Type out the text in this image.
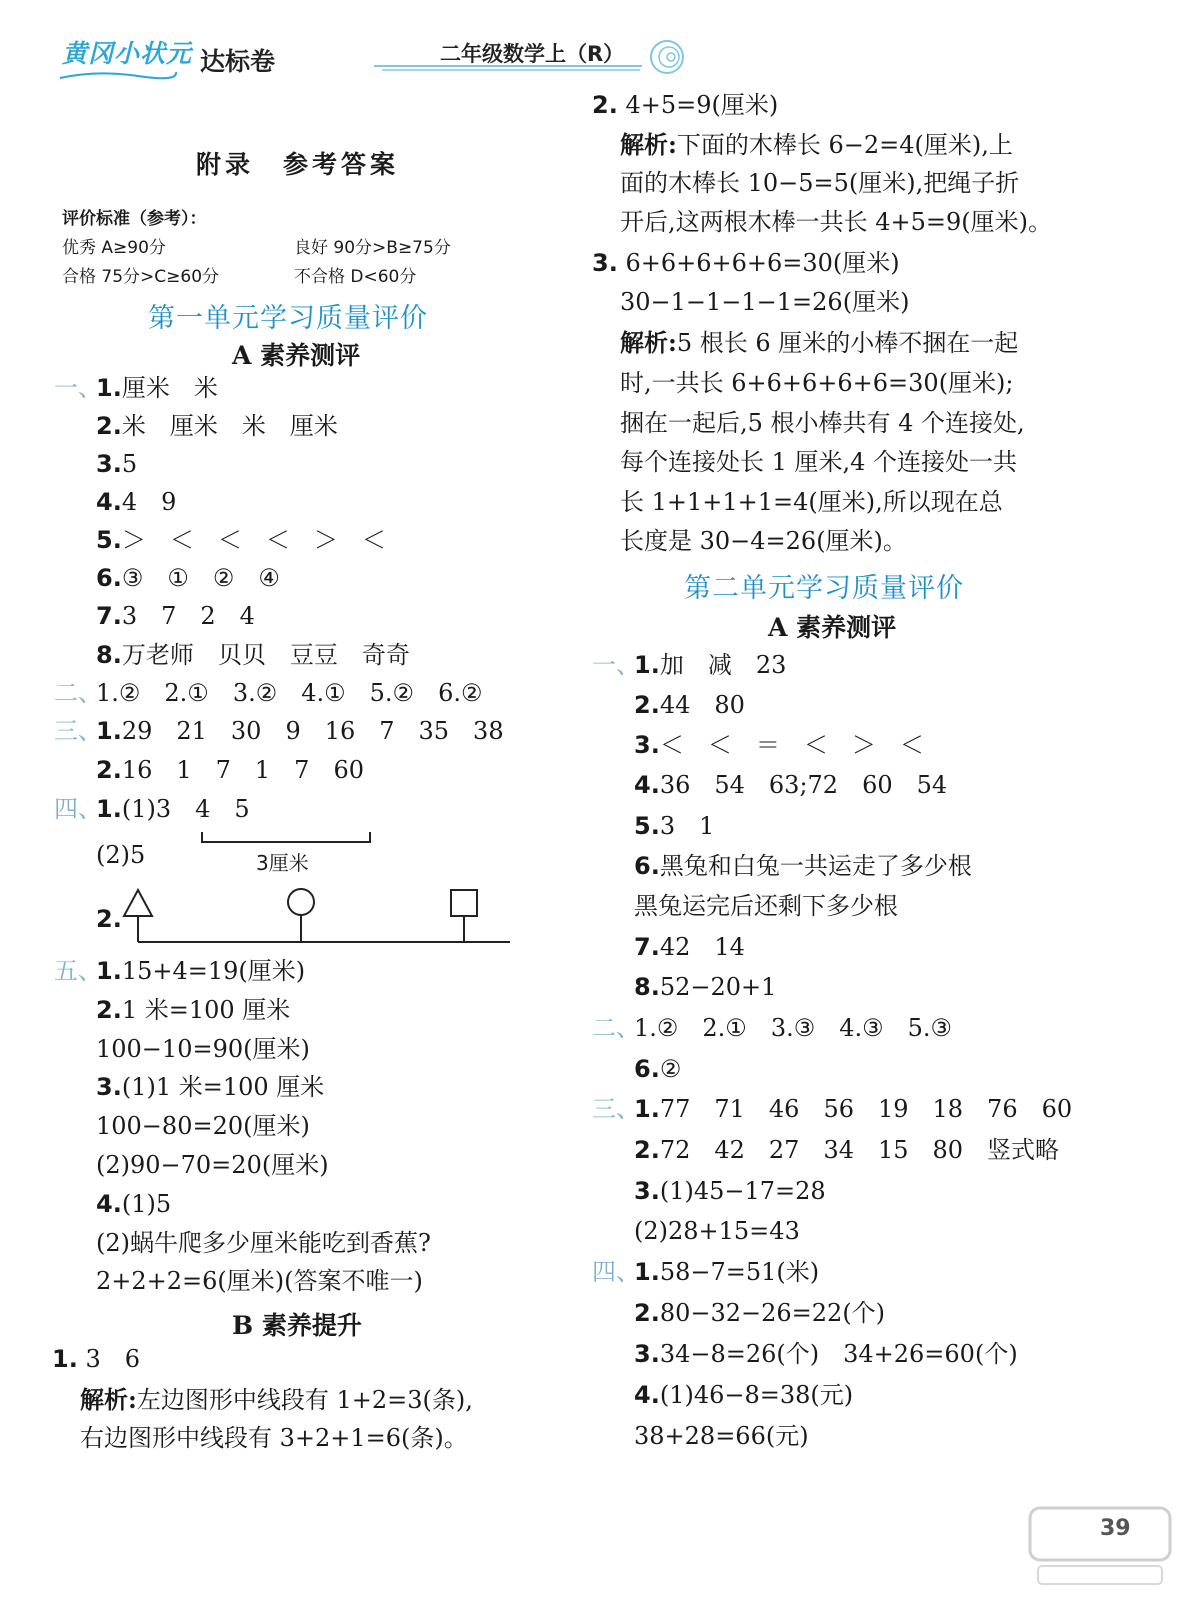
黄冈小状元 达标卷	二年级数学上（R）
附录　参考答案
评价标准（参考）：
优秀 A≥90分	良好 90分>B≥75分
合格 75分>C≥60分	不合格 D<60分
第一单元学习质量评价
A 素养测评
一、1.厘米　米
2.米　厘米　米　厘米
3.5
4.4　9
5.＞　＜　＜　＜　＞　＜
6.③　①　②　④
7.3　7　2　4
8.万老师　贝贝　豆豆　奇奇
二、1.②　2.①　3.②　4.①　5.②　6.②
三、1.29　21　30　9　16　7　35　38
2.16　1　7　1　7　60
四、1.(1)3　4　5
(2)5
2.
五、1.15+4=19(厘米)
2.1 米=100 厘米
100−10=90(厘米)
3.(1)1 米=100 厘米
100−80=20(厘米)
(2)90−70=20(厘米)
4.(1)5
(2)蜗牛爬多少厘米能吃到香蕉?
2+2+2=6(厘米)(答案不唯一)
3厘米
B 素养提升
1. 3　6
解析:左边图形中线段有 1+2=3(条),
右边图形中线段有 3+2+1=6(条)。
2. 4+5=9(厘米)
解析:下面的木棒长 6−2=4(厘米),上
面的木棒长 10−5=5(厘米),把绳子折
开后,这两根木棒一共长 4+5=9(厘米)。
3. 6+6+6+6+6=30(厘米)
30−1−1−1−1=26(厘米)
解析:5 根长 6 厘米的小棒不捆在一起
时,一共长 6+6+6+6+6=30(厘米);
捆在一起后,5 根小棒共有 4 个连接处,
每个连接处长 1 厘米,4 个连接处一共
长 1+1+1+1=4(厘米),所以现在总
长度是 30−4=26(厘米)。
第二单元学习质量评价
A 素养测评
一、1.加　减　23
2.44　80
3.＜　＜　＝　＜　＞　＜
4.36　54　63;72　60　54
5.3　1
6.黑兔和白兔一共运走了多少根
黑兔运完后还剩下多少根
7.42　14
8.52−20+1
二、1.②　2.①　3.③　4.③　5.③
6.②
三、1.77　71　46　56　19　18　76　60
2.72　42　27　34　15　80　竖式略
3.(1)45−17=28
(2)28+15=43
四、1.58−7=51(米)
2.80−32−26=22(个)
3.34−8=26(个)　34+26=60(个)
4.(1)46−8=38(元)
38+28=66(元)
39
